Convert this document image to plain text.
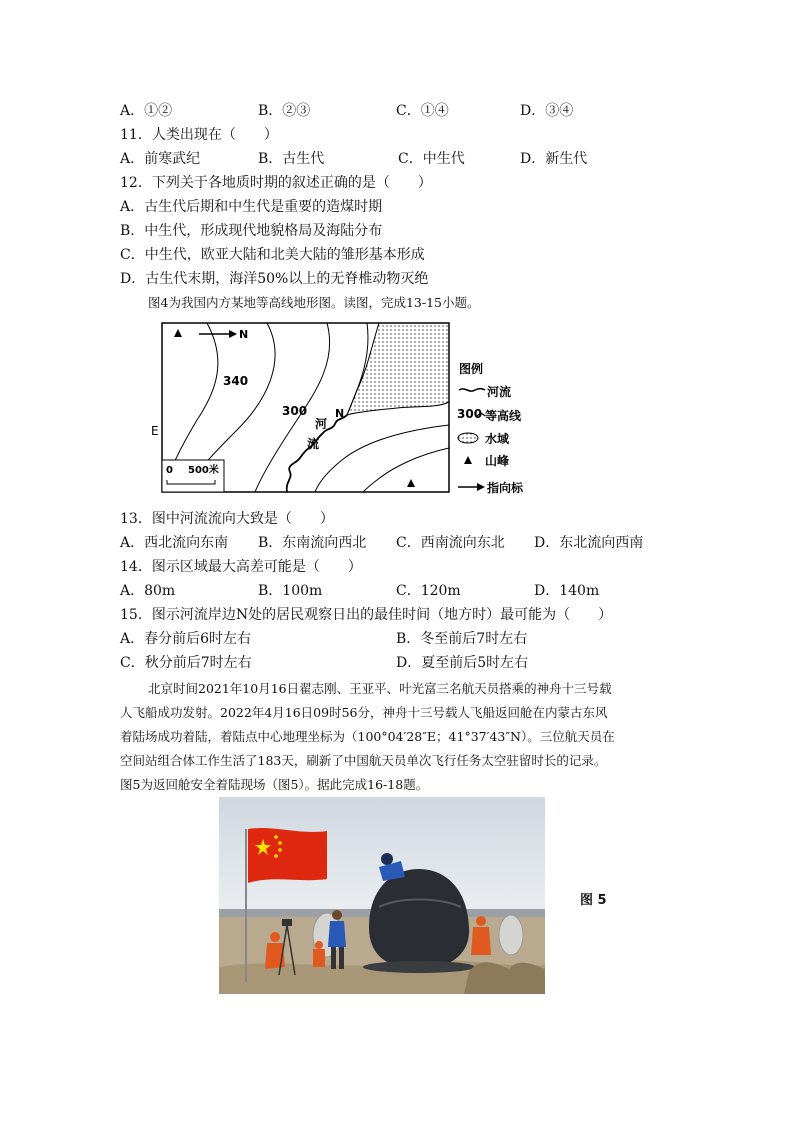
A．①②	B．②③	C．①④	D．③④
11．人类出现在（　　）
A．前寒武纪	B．古生代	C．中生代	D．新生代
12．下列关于各地质时期的叙述正确的是（　　）
A．古生代后期和中生代是重要的造煤时期
B．中生代，形成现代地貌格局及海陆分布
C．中生代，欧亚大陆和北美大陆的雏形基本形成
D．古生代末期，海洋50%以上的无脊椎动物灭绝
图4为我国内方某地等高线地形图。读图，完成13-15小题。
N
340
300
河
流
N
0 500米
E
图例
河流
300 等高线
水域
山峰
指向标
13．图中河流流向大致是（　　）
A．西北流向东南 B．东南流向西北 C．西南流向东北 D．东北流向西南
14．图示区域最大高差可能是（　　）
A．80m	B．100m	C．120m	D．140m
15．图示河流岸边N处的居民观察日出的最佳时间（地方时）最可能为（　　）
A．春分前后6时左右	B．冬至前后7时左右
C．秋分前后7时左右	D．夏至前后5时左右
北京时间2021年10月16日翟志刚、王亚平、叶光富三名航天员搭乘的神舟十三号载
人飞船成功发射。2022年4月16日09时56分，神舟十三号载人飞船返回舱在内蒙古东风
着陆场成功着陆，着陆点中心地理坐标为（100°04′28″E；41°37′43″N）。三位航天员在
空间站组合体工作生活了183天，刷新了中国航天员单次飞行任务太空驻留时长的记录。
图5为返回舱安全着陆现场（图5）。据此完成16-18题。
图 5
